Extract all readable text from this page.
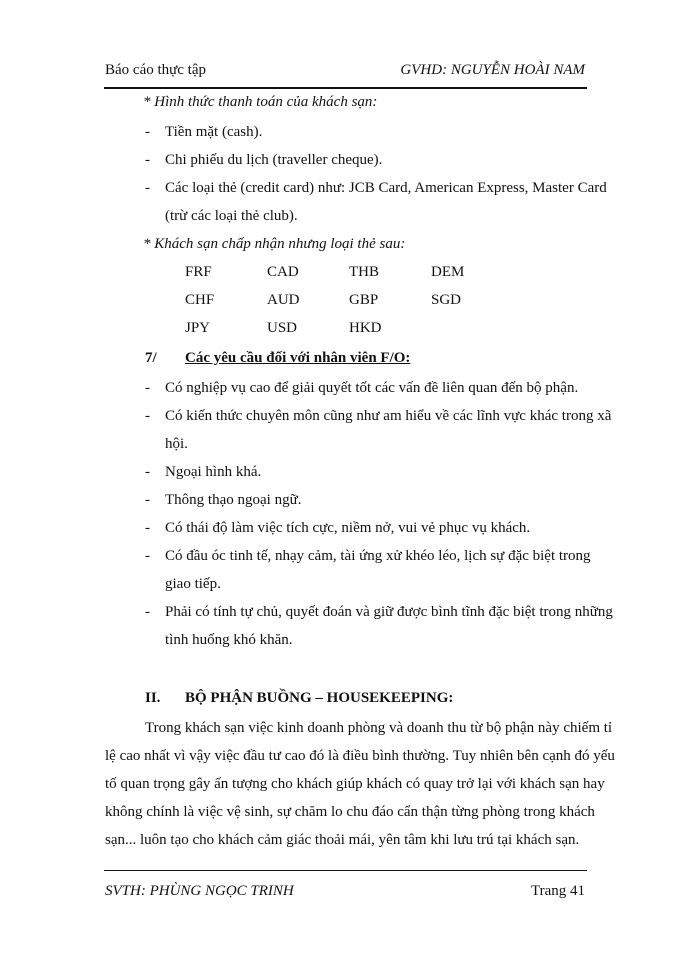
Báo cáo thực tập	GVHD: NGUYỄN HOÀI NAM
* Hình thức thanh toán của khách sạn:
- Tiền mặt (cash).
- Chi phiếu du lịch (traveller cheque).
- Các loại thẻ (credit card) như: JCB Card, American Express, Master Card
(trừ các loại thẻ club).
* Khách sạn chấp nhận nhưng loại thẻ sau:
FRF	CAD	THB	DEM
CHF	AUD	GBP	SGD
JPY	USD	HKD
7/ Các yêu cầu đối với nhân viên F/O:
- Có nghiệp vụ cao để giải quyết tốt các vấn đề liên quan đến bộ phận.
- Có kiến thức chuyên môn cũng như am hiểu về các lĩnh vực khác trong xã
hội.
- Ngoại hình khá.
- Thông thạo ngoại ngữ.
- Có thái độ làm việc tích cực, niềm nở, vui vẻ phục vụ khách.
- Có đầu óc tinh tế, nhạy cảm, tài ứng xử khéo léo, lịch sự đặc biệt trong
giao tiếp.
- Phải có tính tự chủ, quyết đoán và giữ được bình tĩnh đặc biệt trong những
tình huống khó khăn.
II. BỘ PHẬN BUỒNG – HOUSEKEEPING:
Trong khách sạn việc kinh doanh phòng và doanh thu từ bộ phận này chiếm tỉ
lệ cao nhất vì vậy việc đầu tư cao đó là điều bình thường. Tuy nhiên bên cạnh đó yếu
tố quan trọng gây ấn tượng cho khách giúp khách có quay trở lại với khách sạn hay
không chính là việc vệ sinh, sự chăm lo chu đáo cẩn thận từng phòng trong khách
sạn... luôn tạo cho khách cảm giác thoải mái, yên tâm khi lưu trú tại khách sạn.
SVTH: PHÙNG NGỌC TRINH	Trang 41
